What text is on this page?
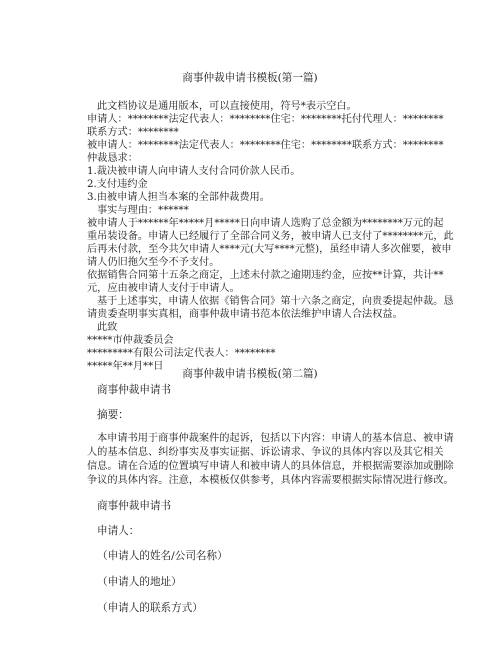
商事仲裁申请书模板(第一篇)
此文档协议是通用版本，可以直接使用，符号*表示空白。
申请人：********法定代表人：********住宅：********托付代理人：********
联系方式：********
被申请人：********法定代表人：********住宅：********联系方式：********
仲裁恳求：
1.裁决被申请人向申请人支付合同价款人民币。
2.支付违约金
3.由被申请人担当本案的全部仲裁费用。
事实与理由：******
被申请人于******年*****月*****日向申请人选购了总金额为********万元的起
重吊装设备。申请人已经履行了全部合同义务，被申请人已支付了********元，此
后再未付款，至今共欠申请人****元(大写****元整)，虽经申请人多次催要，被申
请人仍旧拖欠至今不予支付。
依据销售合同第十五条之商定，上述未付款之逾期违约金，应按**计算，共计**
元，应由被申请人支付于申请人。
基于上述事实，申请人依据《销售合同》第十六条之商定，向贵委提起仲裁。恳
请贵委查明事实真相，商事仲裁申请书范本依法维护申请人合法权益。
此致
*****市仲裁委员会
*********有限公司法定代表人：********
*****年**月**日
商事仲裁申请书模板(第二篇)
商事仲裁申请书
摘要：
本申请书用于商事仲裁案件的起诉，包括以下内容：申请人的基本信息、被申请
人的基本信息、纠纷事实及事实证据、诉讼请求、争议的具体内容以及其它相关
信息。请在合适的位置填写申请人和被申请人的具体信息，并根据需要添加或删除
争议的具体内容。注意，本模板仅供参考，具体内容需要根据实际情况进行修改。
商事仲裁申请书
申请人：
（申请人的姓名/公司名称）
（申请人的地址）
（申请人的联系方式）
